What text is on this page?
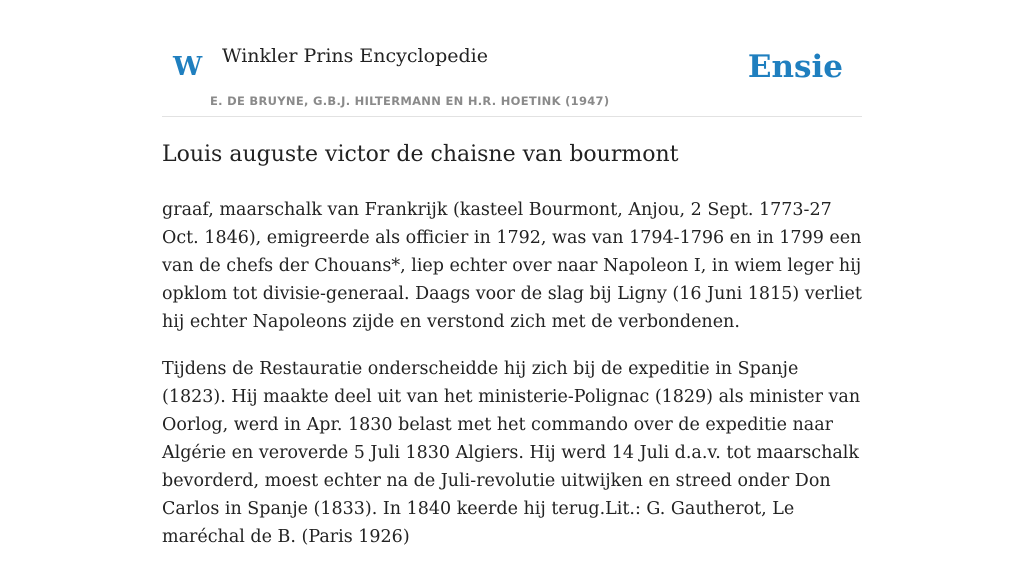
W Winkler Prins Encyclopedie
E. DE BRUYNE, G.B.J. HILTERMANN EN H.R. HOETINK (1947)
Ensie
Louis auguste victor de chaisne van bourmont

graaf, maarschalk van Frankrijk (kasteel Bourmont, Anjou, 2 Sept. 1773-27 Oct. 1846), emigreerde als officier in 1792, was van 1794-1796 en in 1799 een van de chefs der Chouans*, liep echter over naar Napoleon I, in wiem leger hij opklom tot divisie-generaal. Daags voor de slag bij Ligny (16 Juni 1815) verliet hij echter Napoleons zijde en verstond zich met de verbondenen.

Tijdens de Restauratie onderscheidde hij zich bij de expeditie in Spanje (1823). Hij maakte deel uit van het ministerie-Polignac (1829) als minister van Oorlog, werd in Apr. 1830 belast met het commando over de expeditie naar Algérie en veroverde 5 Juli 1830 Algiers. Hij werd 14 Juli d.a.v. tot maarschalk bevorderd, moest echter na de Juli-revolutie uitwijken en streed onder Don Carlos in Spanje (1833). In 1840 keerde hij terug.Lit.: G. Gautherot, Le maréchal de B. (Paris 1926)
